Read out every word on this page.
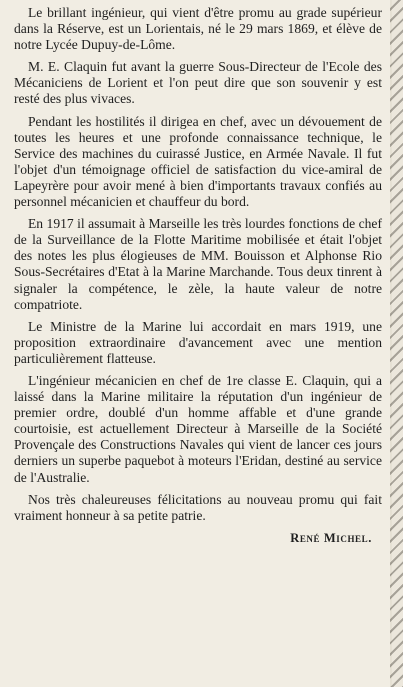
Le brillant ingénieur, qui vient d'être promu au grade supérieur dans la Réserve, est un Lorientais, né le 29 mars 1869, et élève de notre Lycée Dupuy-de-Lôme.

M. E. Claquin fut avant la guerre Sous-Directeur de l'Ecole des Mécaniciens de Lorient et l'on peut dire que son souvenir y est resté des plus vivaces.

Pendant les hostilités il dirigea en chef, avec un dévouement de toutes les heures et une profonde connaissance technique, le Service des machines du cuirassé Justice, en Armée Navale. Il fut l'objet d'un témoignage officiel de satisfaction du vice-amiral de Lapeyrère pour avoir mené à bien d'importants travaux confiés au personnel mécanicien et chauffeur du bord.

En 1917 il assumait à Marseille les très lourdes fonctions de chef de la Surveillance de la Flotte Maritime mobilisée et était l'objet des notes les plus élogieuses de MM. Bouisson et Alphonse Rio Sous-Secrétaires d'Etat à la Marine Marchande. Tous deux tinrent à signaler la compétence, le zèle, la haute valeur de notre compatriote.

Le Ministre de la Marine lui accordait en mars 1919, une proposition extraordinaire d'avancement avec une mention particulièrement flatteuse.

L'ingénieur mécanicien en chef de 1re classe E. Claquin, qui a laissé dans la Marine militaire la réputation d'un ingénieur de premier ordre, doublé d'un homme affable et d'une grande courtoisie, est actuellement Directeur à Marseille de la Société Provençale des Constructions Navales qui vient de lancer ces jours derniers un superbe paquebot à moteurs l'Eridan, destiné au service de l'Australie.

Nos très chaleureuses félicitations au nouveau promu qui fait vraiment honneur à sa petite patrie.

René Michel.
